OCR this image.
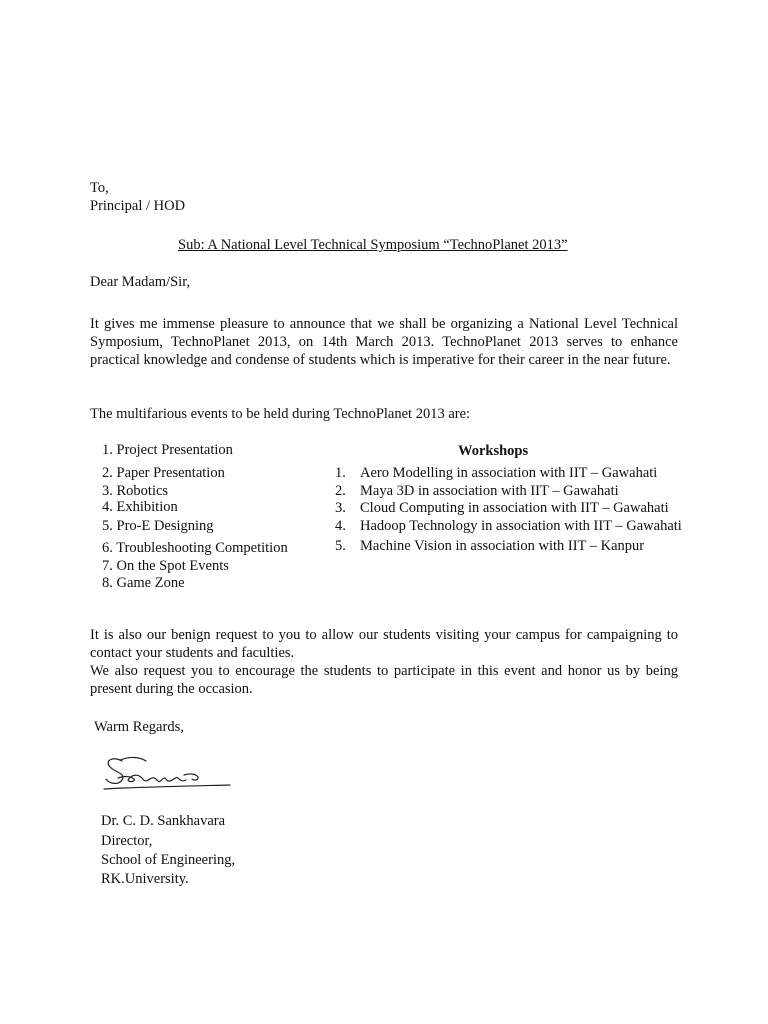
To,
Principal / HOD
Sub: A National Level Technical Symposium “TechnoPlanet 2013”
Dear Madam/Sir,
It gives me immense pleasure to announce that we shall be organizing a National Level Technical Symposium, TechnoPlanet 2013, on 14th March 2013. TechnoPlanet 2013 serves to enhance practical knowledge and condense of students which is imperative for their career in the near future.
The multifarious events to be held during TechnoPlanet 2013 are:
1. Project Presentation
2. Paper Presentation
3. Robotics
4. Exhibition
5. Pro-E Designing
6. Troubleshooting Competition
7. On the Spot Events
8. Game Zone
Workshops
1. Aero Modelling in association with IIT – Gawahati
2. Maya 3D in association with IIT – Gawahati
3. Cloud Computing in association with IIT – Gawahati
4. Hadoop Technology in association with IIT – Gawahati
5. Machine Vision in association with IIT – Kanpur
It is also our benign request to you to allow our students visiting your campus for campaigning to contact your students and faculties.
We also request you to encourage the students to participate in this event and honor us by being present during the occasion.
Warm Regards,
Dr. C. D. Sankhavara
Director,
School of Engineering,
RK.University.
